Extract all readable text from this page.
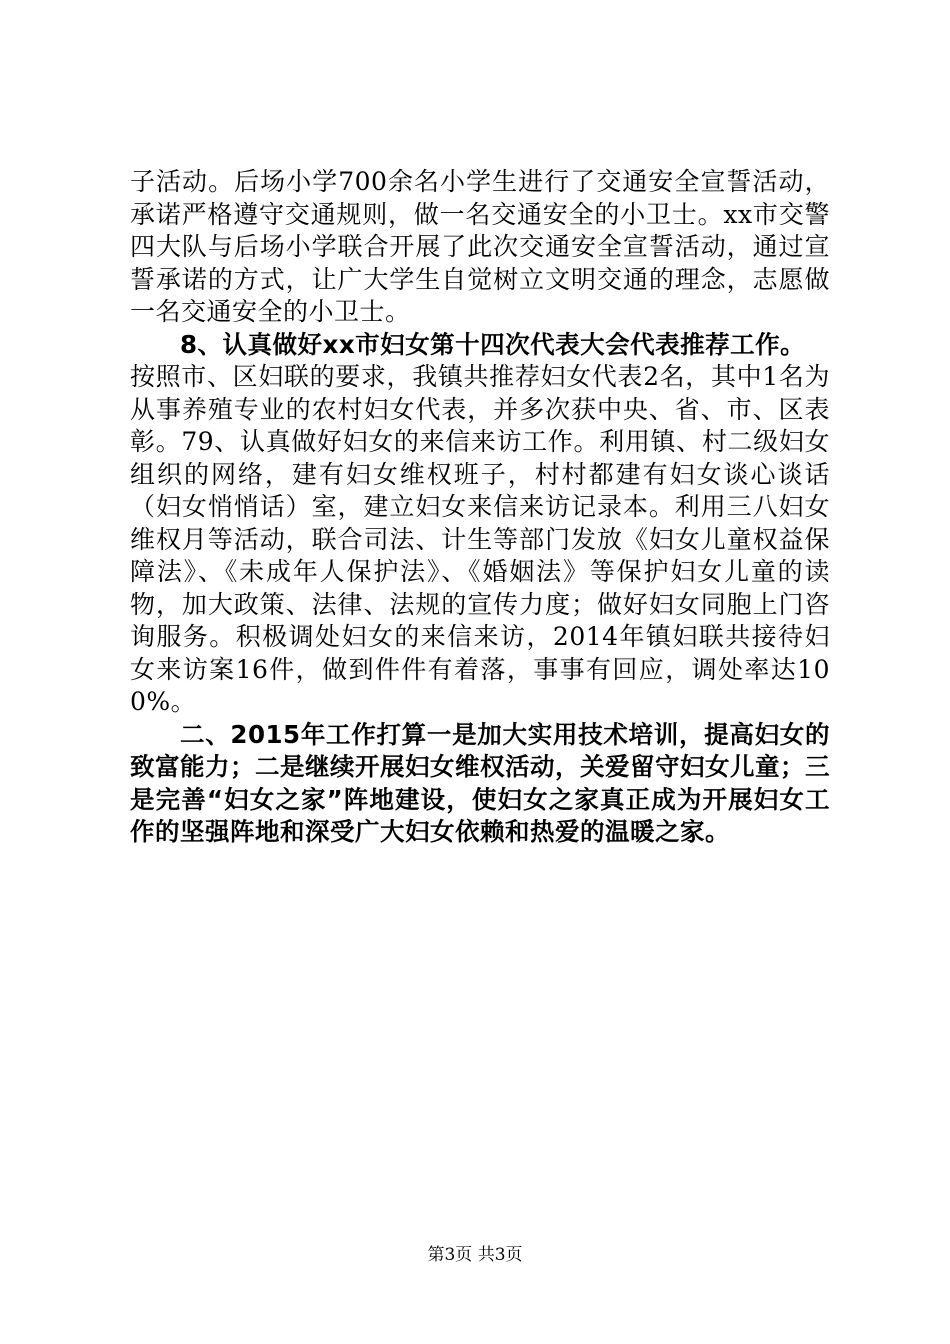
子活动。后场小学700余名小学生进行了交通安全宣誓活动，承诺严格遵守交通规则，做一名交通安全的小卫士。xx市交警四大队与后场小学联合开展了此次交通安全宣誓活动，通过宣誓承诺的方式，让广大学生自觉树立文明交通的理念，志愿做一名交通安全的小卫士。

8、认真做好xx市妇女第十四次代表大会代表推荐工作。

按照市、区妇联的要求，我镇共推荐妇女代表2名，其中1名为从事养殖专业的农村妇女代表，并多次获中央、省、市、区表彰。79、认真做好妇女的来信来访工作。利用镇、村二级妇女组织的网络，建有妇女维权班子，村村都建有妇女谈心谈话（妇女悄悄话）室，建立妇女来信来访记录本。利用三八妇女维权月等活动，联合司法、计生等部门发放《妇女儿童权益保障法》、《未成年人保护法》、《婚姻法》等保护妇女儿童的读物，加大政策、法律、法规的宣传力度；做好妇女同胞上门咨询服务。积极调处妇女的来信来访，2014年镇妇联共接待妇女来访案16件，做到件件有着落，事事有回应，调处率达100%。

二、2015年工作打算一是加大实用技术培训，提高妇女的致富能力；二是继续开展妇女维权活动，关爱留守妇女儿童；三是完善“妇女之家”阵地建设，使妇女之家真正成为开展妇女工作的坚强阵地和深受广大妇女依赖和热爱的温暖之家。

第3页 共3页
